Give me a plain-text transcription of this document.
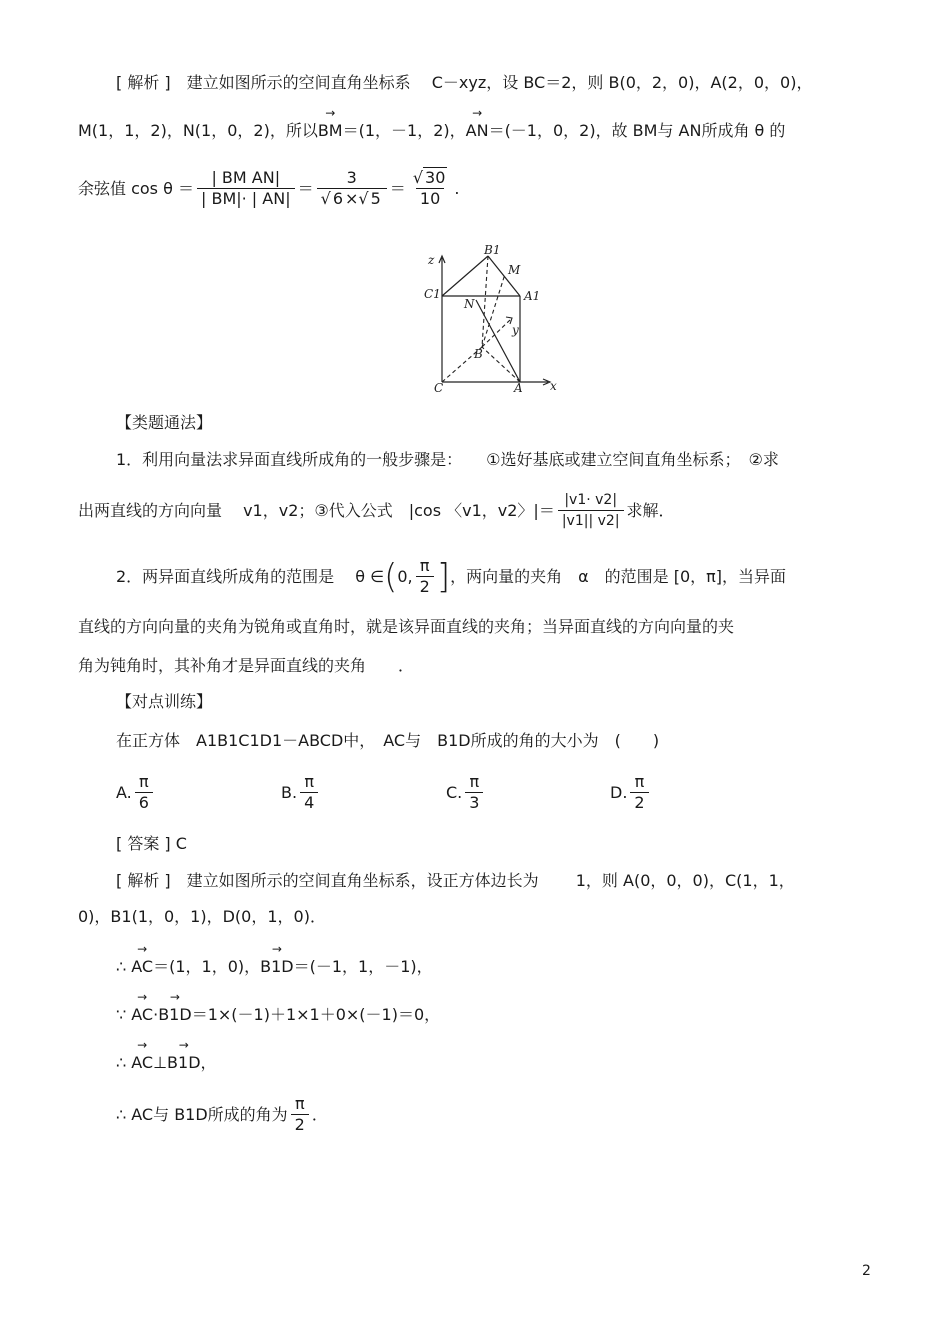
[ 解析 ]　建立如图所示的空间直角坐标系　 C－xyz，设 BC＝2，则 B(0，2，0)，A(2，0，0)，
M(1，1，2)，N(1，0，2)，所以→ BM＝(1，－1，2)，→ AN＝(－1，0，2)，故 BM与 AN所成角 θ 的
余弦值 $\cos \theta = \frac{\text{| BM AN|}}{| BM|\cdot | AN|} = \frac{3}{√ 6 \times√ 5} = \frac{√ 30}{10}$ .
z
B1
M
C1	A1
N
y
B
C	A x
【类题通法】
1．利用向量法求异面直线所成角的一般步骤是：　　①选好基底或建立空间直角坐标系；　②求
出两直线的方向向量　 v1，v2；③代入公式　|cos 〈v1，v2〉|＝ $\frac{|v1\cdot v2|}{|v1|| v2|}$ 求解．
2．两异面直线所成角的范围是　 θ ∈ ( 0, $\frac{\pi}{2}$ ] ，两向量的夹角　α　的范围是 [0，π]，当异面
直线的方向向量的夹角为锐角或直角时，就是该异面直线的夹角；当异面直线的方向向量的夹
角为钝角时，其补角才是异面直线的夹角　　．
【对点训练】
在正方体　A1B1C1D1－ABCD中，　AC与　B1D所成的角的大小为　(　　)
A. $\frac{\pi}{6}$	B. $\frac{\pi}{4}$	C. $\frac{\pi}{3}$	D. $\frac{\pi}{2}$
[ 答案 ] C
[ 解析 ]　建立如图所示的空间直角坐标系，设正方体边长为　　 1，则 A(0，0，0)，C(1，1，
0)，B1(1，0，1)，D(0，1，0)．
∴ → AC＝(1，1，0)，→ B1D＝(－1，1，－1)，
∵ → AC·→ B1D＝1×(－1)＋1×1＋0×(－1)＝0，
∴ → AC⊥→ B1D，
∴ AC与 B1D所成的角为 $\frac{\pi}{2}$ ．
2
